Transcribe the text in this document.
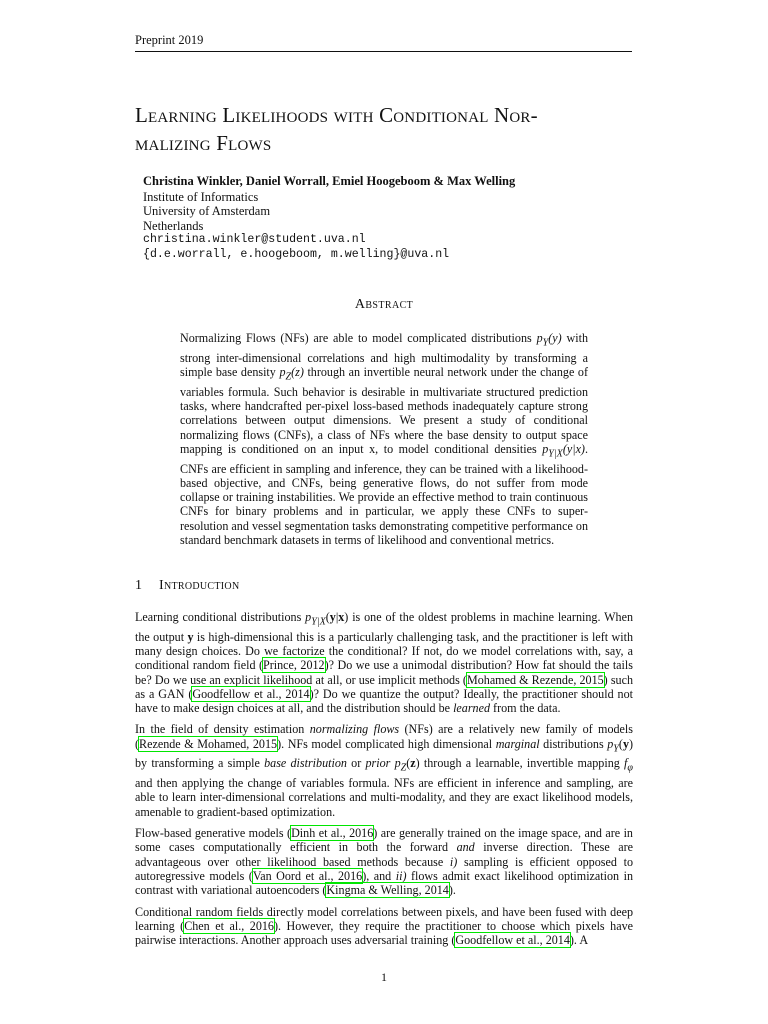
Preprint 2019
Learning Likelihoods with Conditional Nor-
malizing Flows
Christina Winkler, Daniel Worrall, Emiel Hoogeboom & Max Welling
Institute of Informatics
University of Amsterdam
Netherlands
christina.winkler@student.uva.nl
{d.e.worrall, e.hoogeboom, m.welling}@uva.nl
Abstract

Normalizing Flows (NFs) are able to model complicated distributions $p_Y(y)$ with strong inter-dimensional correlations and high multimodality by transforming a simple base density $p_Z(z)$ through an invertible neural network under the change of variables formula. Such behavior is desirable in multivariate structured prediction tasks, where handcrafted per-pixel loss-based methods inadequately capture strong correlations between output dimensions. We present a study of conditional normalizing flows (CNFs), a class of NFs where the base density to output space mapping is conditioned on an input x, to model conditional densities $p_{Y|X}(y|x)$. CNFs are efficient in sampling and inference, they can be trained with a likelihood-based objective, and CNFs, being generative flows, do not suffer from mode collapse or training instabilities. We provide an effective method to train continuous CNFs for binary problems and in particular, we apply these CNFs to super-resolution and vessel segmentation tasks demonstrating competitive performance on standard benchmark datasets in terms of likelihood and conventional metrics.

1 Introduction

Learning conditional distributions $p_{Y|X}(y|x)$ is one of the oldest problems in machine learning. When the output y is high-dimensional this is a particularly challenging task, and the practitioner is left with many design choices. Do we factorize the conditional? If not, do we model correlations with, say, a conditional random field (Prince, 2012)? Do we use a unimodal distribution? How fat should the tails be? Do we use an explicit likelihood at all, or use implicit methods (Mohamed & Rezende, 2015) such as a GAN (Goodfellow et al., 2014)? Do we quantize the output? Ideally, the practitioner should not have to make design choices at all, and the distribution should be learned from the data.

In the field of density estimation normalizing flows (NFs) are a relatively new family of models (Rezende & Mohamed, 2015). NFs model complicated high dimensional marginal distributions $p_Y(y)$ by transforming a simple base distribution or prior $p_Z(z)$ through a learnable, invertible mapping $f_\varphi$ and then applying the change of variables formula. NFs are efficient in inference and sampling, are able to learn inter-dimensional correlations and multi-modality, and they are exact likelihood models, amenable to gradient-based optimization.

Flow-based generative models (Dinh et al., 2016) are generally trained on the image space, and are in some cases computationally efficient in both the forward and inverse direction. These are advantageous over other likelihood based methods because i) sampling is efficient opposed to autoregressive models (Van Oord et al., 2016), and ii) flows admit exact likelihood optimization in contrast with variational autoencoders (Kingma & Welling, 2014).

Conditional random fields directly model correlations between pixels, and have been fused with deep learning (Chen et al., 2016). However, they require the practitioner to choose which pixels have pairwise interactions. Another approach uses adversarial training (Goodfellow et al., 2014). A

1
